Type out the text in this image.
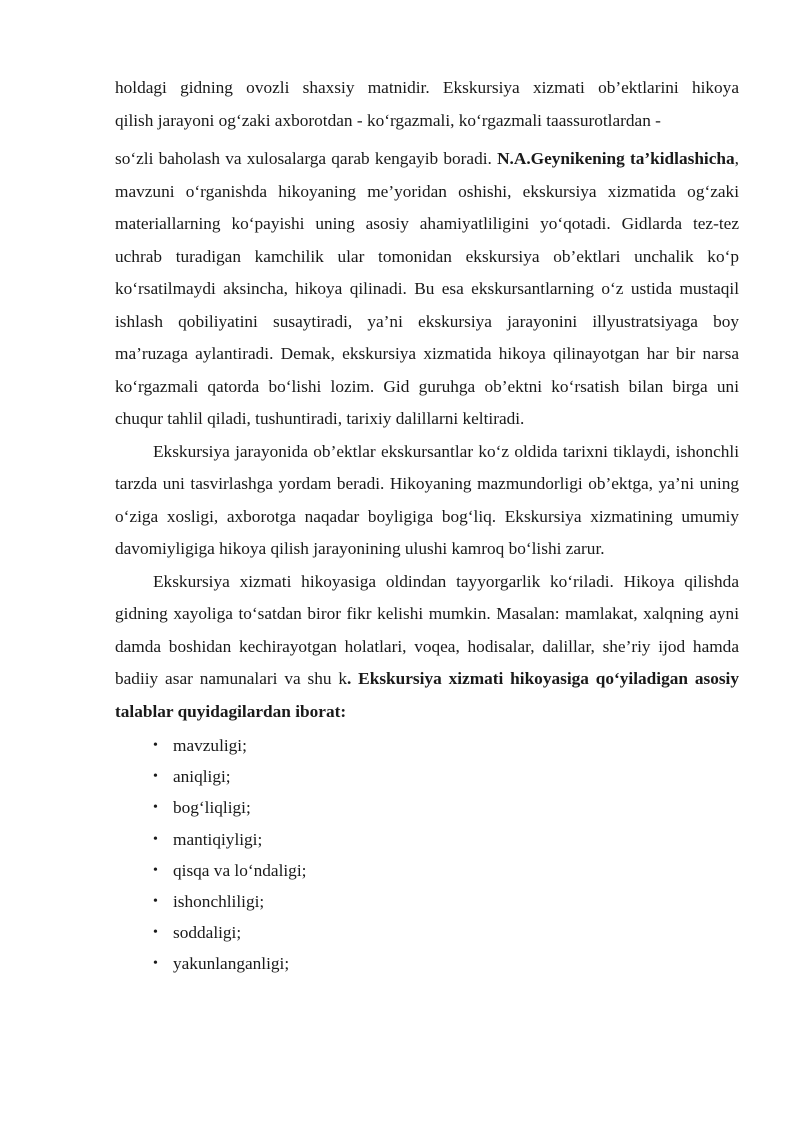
holdagi gidning ovozli shaxsiy matnidir. Ekskursiya xizmati ob’ektlarini hikoya

qilish jarayoni og‘zaki axborotdan - ko‘rgazmali, ko‘rgazmali taassurotlardan -

so‘zli baholash va xulosalarga qarab kengayib boradi. N.A.Geynikening ta’kidlashicha, mavzuni o‘rganishda hikoyaning me’yoridan oshishi, ekskursiya xizmatida og‘zaki materiallarning ko‘payishi uning asosiy ahamiyatliligini yo‘qotadi. Gidlarda tez-tez uchrab turadigan kamchilik ular tomonidan ekskursiya ob’ektlari unchalik ko‘p ko‘rsatilmaydi aksincha, hikoya qilinadi. Bu esa ekskursantlarning o‘z ustida mustaqil ishlash qobiliyatini susaytiradi, ya’ni ekskursiya jarayonini illyustratsiyaga boy ma’ruzaga aylantiradi. Demak, ekskursiya xizmatida hikoya qilinayotgan har bir narsa ko‘rgazmali qatorda bo‘lishi lozim. Gid guruhga ob’ektni ko‘rsatish bilan birga uni chuqur tahlil qiladi, tushuntiradi, tarixiy dalillarni keltiradi.

Ekskursiya jarayonida ob’ektlar ekskursantlar ko‘z oldida tarixni tiklaydi, ishonchli tarzda uni tasvirlashga yordam beradi. Hikoyaning mazmundorligi ob’ektga, ya’ni uning o‘ziga xosligi, axborotga naqadar boyligiga bog‘liq. Ekskursiya xizmatining umumiy davomiyligiga hikoya qilish jarayonining ulushi kamroq bo‘lishi zarur.

Ekskursiya xizmati hikoyasiga oldindan tayyorgarlik ko‘riladi. Hikoya qilishda gidning xayoliga to‘satdan biror fikr kelishi mumkin. Masalan: mamlakat, xalqning ayni damda boshidan kechirayotgan holatlari, voqea, hodisalar, dalillar, she’riy ijod hamda badiiy asar namunalari va shu k. Ekskursiya xizmati hikoyasiga qo‘yiladigan asosiy talablar quyidagilardan iborat:

• mavzuligi;
• aniqligi;
• bog‘liqligi;
• mantiqiyligi;
• qisqa va lo‘ndaligi;
• ishonchliligi;
• soddaligi;
• yakunlanganligi;
